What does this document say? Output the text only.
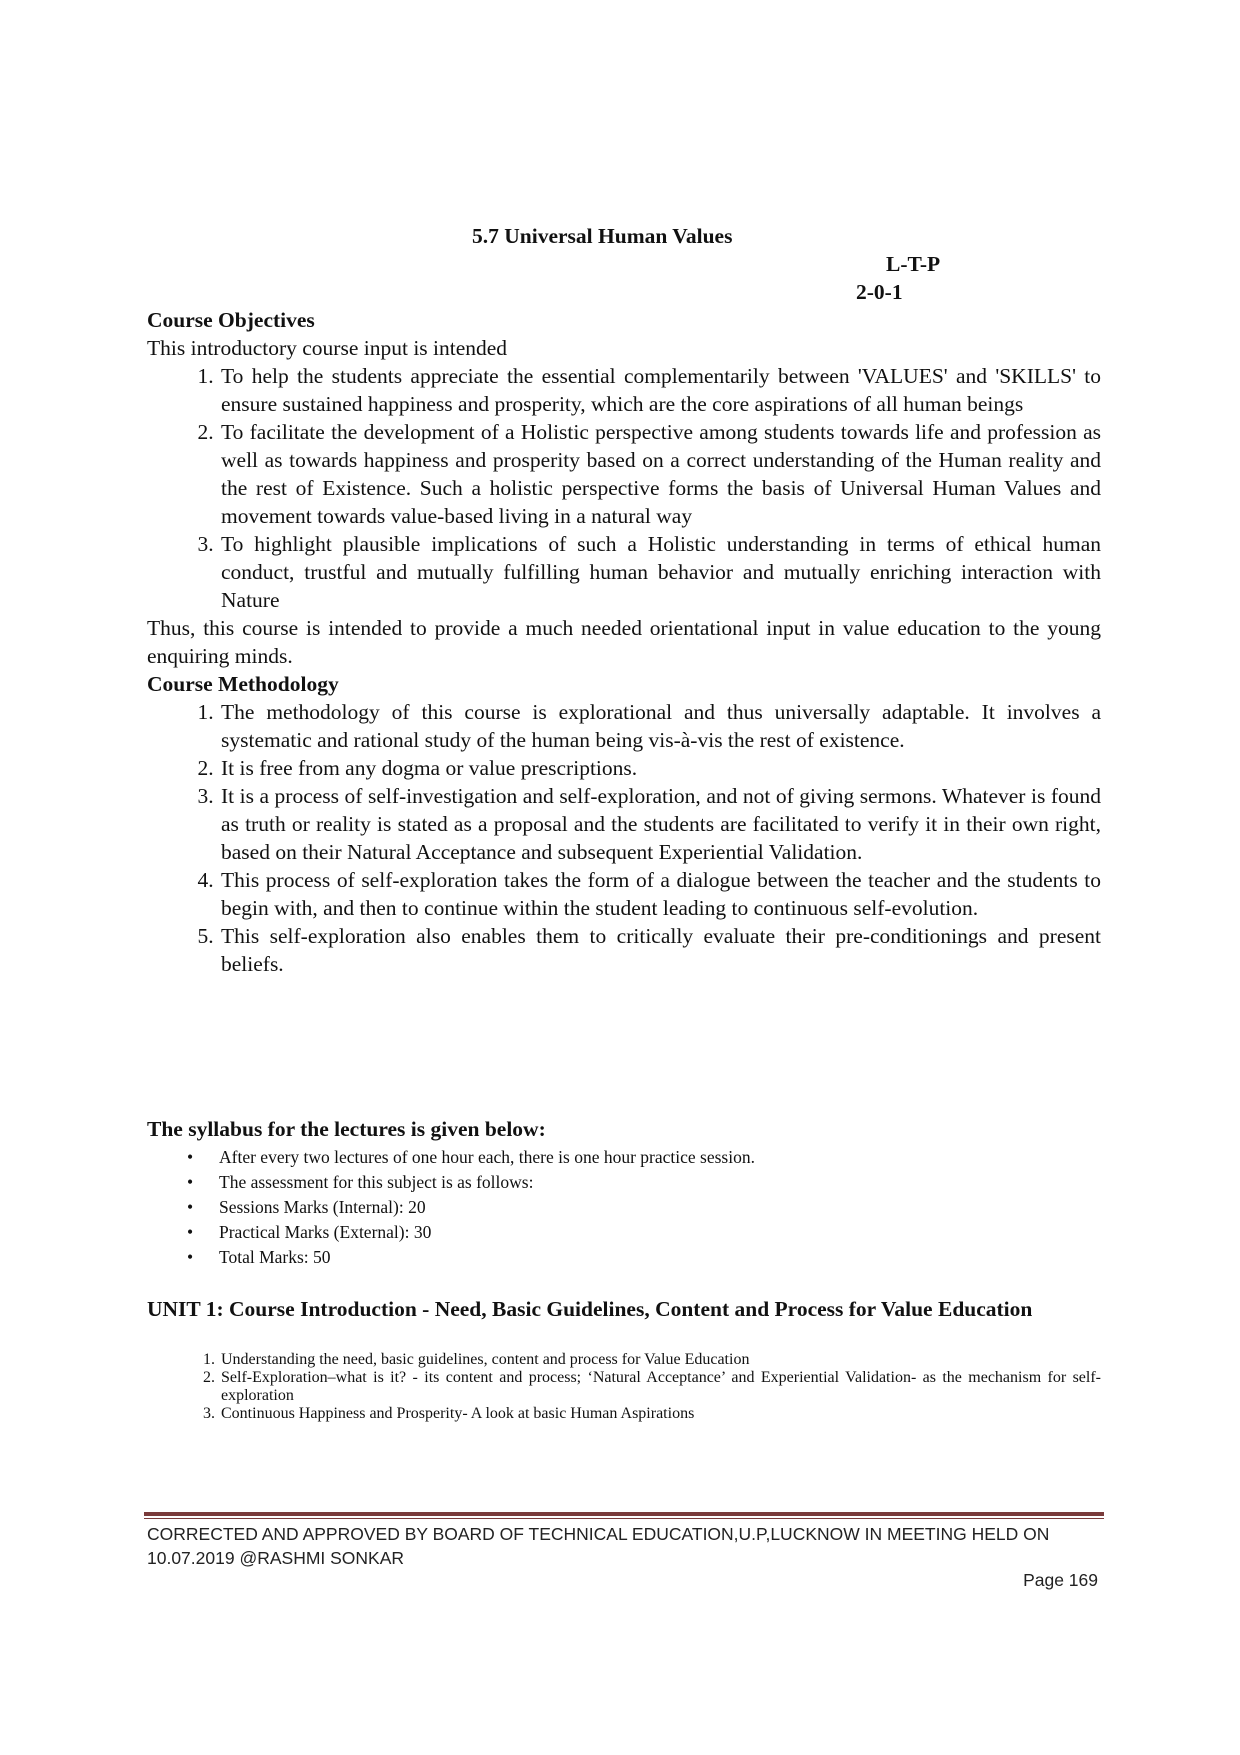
5.7 Universal Human Values
L-T-P
2-0-1
Course Objectives

This introductory course input is intended

1. To help the students appreciate the essential complementarily between 'VALUES' and 'SKILLS' to ensure sustained happiness and prosperity, which are the core aspirations of all human beings
2. To facilitate the development of a Holistic perspective among students towards life and profession as well as towards happiness and prosperity based on a correct understanding of the Human reality and the rest of Existence. Such a holistic perspective forms the basis of Universal Human Values and movement towards value-based living in a natural way
3. To highlight plausible implications of such a Holistic understanding in terms of ethical human conduct, trustful and mutually fulfilling human behavior and mutually enriching interaction with Nature

Thus, this course is intended to provide a much needed orientational input in value education to the young enquiring minds.

Course Methodology
1. The methodology of this course is explorational and thus universally adaptable. It involves a systematic and rational study of the human being vis-à-vis the rest of existence.
2. It is free from any dogma or value prescriptions.
3. It is a process of self-investigation and self-exploration, and not of giving sermons. Whatever is found as truth or reality is stated as a proposal and the students are facilitated to verify it in their own right, based on their Natural Acceptance and subsequent Experiential Validation.
4. This process of self-exploration takes the form of a dialogue between the teacher and the students to begin with, and then to continue within the student leading to continuous self-evolution.
5. This self-exploration also enables them to critically evaluate their pre-conditionings and present beliefs.
The syllabus for the lectures is given below:
• After every two lectures of one hour each, there is one hour practice session.
• The assessment for this subject is as follows:
• Sessions Marks (Internal): 20
• Practical Marks (External): 30
• Total Marks: 50
UNIT 1: Course Introduction - Need, Basic Guidelines, Content and Process for Value Education
1. Understanding the need, basic guidelines, content and process for Value Education
2. Self-Exploration–what is it? - its content and process; ‘Natural Acceptance’ and Experiential Validation- as the mechanism for self-exploration
3. Continuous Happiness and Prosperity- A look at basic Human Aspirations
CORRECTED AND APPROVED BY BOARD OF TECHNICAL EDUCATION,U.P,LUCKNOW IN MEETING HELD ON
10.07.2019 @RASHMI SONKAR
Page 169
